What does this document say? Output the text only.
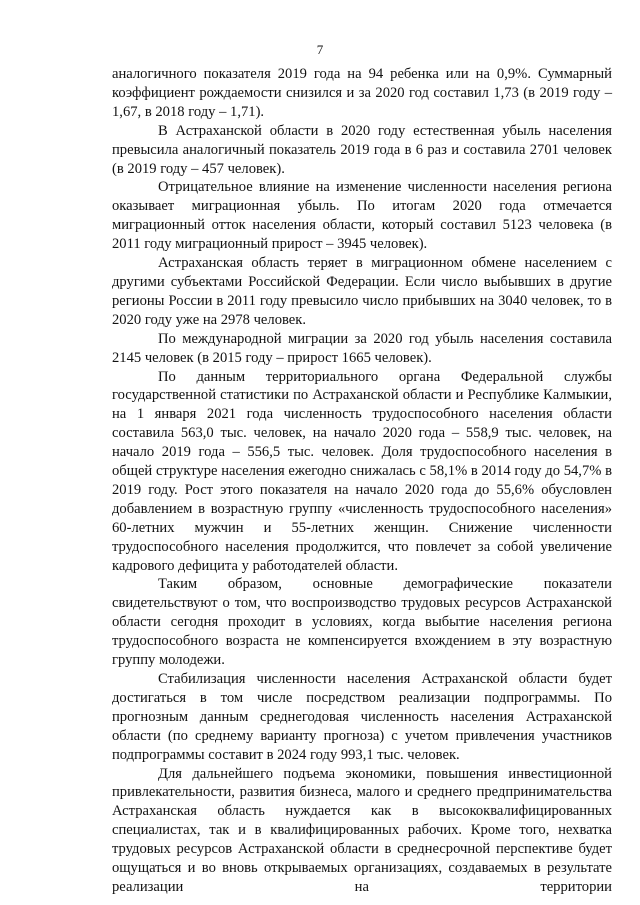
7

аналогичного показателя 2019 года на 94 ребенка или на 0,9%. Суммарный коэффициент рождаемости снизился и за 2020 год составил 1,73 (в 2019 году – 1,67, в 2018 году – 1,71).

В Астраханской области в 2020 году естественная убыль населения превысила аналогичный показатель 2019 года в 6 раз и составила 2701 человек (в 2019 году – 457 человек).

Отрицательное влияние на изменение численности населения региона оказывает миграционная убыль. По итогам 2020 года отмечается миграционный отток населения области, который составил 5123 человека (в 2011 году миграционный прирост – 3945 человек).

Астраханская область теряет в миграционном обмене населением с другими субъектами Российской Федерации. Если число выбывших в другие регионы России в 2011 году превысило число прибывших на 3040 человек, то в 2020 году уже на 2978 человек.

По международной миграции за 2020 год убыль населения составила 2145 человек (в 2015 году – прирост 1665 человек).

По данным территориального органа Федеральной службы государственной статистики по Астраханской области и Республике Калмыкии, на 1 января 2021 года численность трудоспособного населения области составила 563,0 тыс. человек, на начало 2020 года – 558,9 тыс. человек, на начало 2019 года – 556,5 тыс. человек. Доля трудоспособного населения в общей структуре населения ежегодно снижалась с 58,1% в 2014 году до 54,7% в 2019 году. Рост этого показателя на начало 2020 года до 55,6% обусловлен добавлением в возрастную группу «численность трудоспособного населения» 60-летних мужчин и 55-летних женщин. Снижение численности трудоспособного населения продолжится, что повлечет за собой увеличение кадрового дефицита у работодателей области.

Таким образом, основные демографические показатели свидетельствуют о том, что воспроизводство трудовых ресурсов Астраханской области сегодня проходит в условиях, когда выбытие населения региона трудоспособного возраста не компенсируется вхождением в эту возрастную группу молодежи.

Стабилизация численности населения Астраханской области будет достигаться в том числе посредством реализации подпрограммы. По прогнозным данным среднегодовая численность населения Астраханской области (по среднему варианту прогноза) с учетом привлечения участников подпрограммы составит в 2024 году 993,1 тыс. человек.

Для дальнейшего подъема экономики, повышения инвестиционной привлекательности, развития бизнеса, малого и среднего предпринимательства Астраханская область нуждается как в высококвалифицированных специалистах, так и в квалифицированных рабочих. Кроме того, нехватка трудовых ресурсов Астраханской области в среднесрочной перспективе будет ощущаться и во вновь открываемых организациях, создаваемых в результате реализации на территории
